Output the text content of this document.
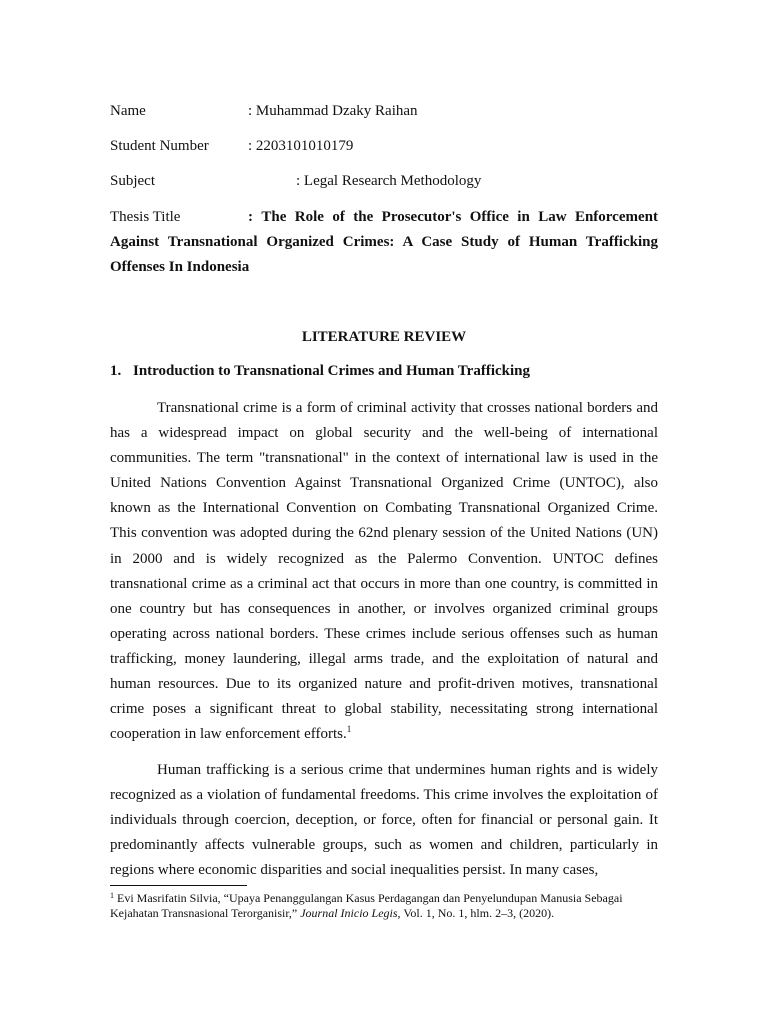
Name	: Muhammad Dzaky Raihan
Student Number	: 2203101010179
Subject	: Legal Research Methodology
Thesis Title	: The Role of the Prosecutor's Office in Law Enforcement Against Transnational Organized Crimes: A Case Study of Human Trafficking Offenses In Indonesia
LITERATURE REVIEW
1. Introduction to Transnational Crimes and Human Trafficking

Transnational crime is a form of criminal activity that crosses national borders and has a widespread impact on global security and the well-being of international communities. The term "transnational" in the context of international law is used in the United Nations Convention Against Transnational Organized Crime (UNTOC), also known as the International Convention on Combating Transnational Organized Crime. This convention was adopted during the 62nd plenary session of the United Nations (UN) in 2000 and is widely recognized as the Palermo Convention. UNTOC defines transnational crime as a criminal act that occurs in more than one country, is committed in one country but has consequences in another, or involves organized criminal groups operating across national borders. These crimes include serious offenses such as human trafficking, money laundering, illegal arms trade, and the exploitation of natural and human resources. Due to its organized nature and profit-driven motives, transnational crime poses a significant threat to global stability, necessitating strong international cooperation in law enforcement efforts.$^1$

Human trafficking is a serious crime that undermines human rights and is widely recognized as a violation of fundamental freedoms. This crime involves the exploitation of individuals through coercion, deception, or force, often for financial or personal gain. It predominantly affects vulnerable groups, such as women and children, particularly in regions where economic disparities and social inequalities persist. In many cases,

$^1$ Evi Masrifatin Silvia, “Upaya Penanggulangan Kasus Perdagangan dan Penyelundupan Manusia Sebagai Kejahatan Transnasional Terorganisir,” Journal Inicio Legis, Vol. 1, No. 1, hlm. 2–3, (2020).
